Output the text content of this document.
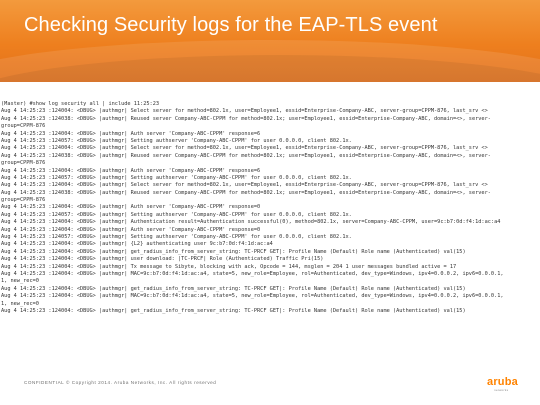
Checking Security logs for the EAP-TLS event
(Master) #show log security all | include 11:25:23
Aug 4 14:25:23 :124004: <DBUG> |authmgr| Select server for method=802.1x, user=Employee1, essid=Enterprise-Company-ABC, server-group=CPPM-876, last_srv <>
Aug 4 14:25:23 :124038: <DBUG> |authmgr| Reused server Company-ABC-CPPM for method=802.1x; user=Employee1, essid=Enterprise-Company-ABC, domain=<>, server-
group=CPPM-876
Aug 4 14:25:23 :124004: <DBUG> |authmgr| Auth server 'Company-ABC-CPPM' response=6
Aug 4 14:25:23 :124057: <DBUG> |authmgr| Setting authserver 'Company-ABC-CPPM' for user 0.0.0.0, client 802.1x.
Aug 4 14:25:23 :124004: <DBUG> |authmgr| Select server for method=802.1x, user=Employee1, essid=Enterprise-Company-ABC, server-group=CPPM-876, last_srv <>
Aug 4 14:25:23 :124038: <DBUG> |authmgr| Reused server Company-ABC-CPPM for method=802.1x; user=Employee1, essid=Enterprise-Company-ABC, domain=<>, server-
group=CPPM-876
Aug 4 14:25:23 :124004: <DBUG> |authmgr| Auth server 'Company-ABC-CPPM' response=6
Aug 4 14:25:23 :124057: <DBUG> |authmgr| Setting authserver 'Company-ABC-CPPM' for user 0.0.0.0, client 802.1x.
Aug 4 14:25:23 :124004: <DBUG> |authmgr| Select server for method=802.1x, user=Employee1, essid=Enterprise-Company-ABC, server-group=CPPM-876, last_srv <>
Aug 4 14:25:23 :124038: <DBUG> |authmgr| Reused server Company-ABC-CPPM for method=802.1x; user=Employee1, essid=Enterprise-Company-ABC, domain=<>, server-
group=CPPM-876
Aug 4 14:25:23 :124004: <DBUG> |authmgr| Auth server 'Company-ABC-CPPM' response=0
Aug 4 14:25:23 :124057: <DBUG> |authmgr| Setting authserver 'Company-ABC-CPPM' for user 0.0.0.0, client 802.1x.
Aug 4 14:25:23 :124004: <DBUG> |authmgr| Authentication result=Authentication successful(0), method=802.1x, server=Company-ABC-CPPM, user=9c:b7:0d:f4:1d:ac:a4
Aug 4 14:25:23 :124004: <DBUG> |authmgr| Auth server 'Company-ABC-CPPM' response=0
Aug 4 14:25:23 :124057: <DBUG> |authmgr| Setting authserver 'Company-ABC-CPPM' for user 0.0.0.0, client 802.1x.
Aug 4 14:25:23 :124004: <DBUG> |authmgr| {L2} authenticating user 9c:b7:0d:f4:1d:ac:a4
Aug 4 14:25:23 :124004: <DBUG> |authmgr| get_radius_info_from_server_string: TC-PRCF GET|: Profile Name (Default) Role name (Authenticated) val(15)
Aug 4 14:25:23 :124004: <DBUG> |authmgr| user download: |TC-PRCF| Role (Authenticated) Traffic Pri(15)
Aug 4 14:25:23 :124004: <DBUG> |authmgr| Tx message to Sibyte, blocking with ack, Opcode = 144, msglen = 204 1 user messages bundled active = 17
Aug 4 14:25:23 :124004: <DBUG> |authmgr| MAC=9c:b7:0d:f4:1d:ac:a4, state=5, new_role=Employee, rol=Authenticated, dev_type=Windows, ipv4=0.0.0.2, ipv6=0.0.0.1,
1, new_rec=0
Aug 4 14:25:23 :124004: <DBUG> |authmgr| get_radius_info_from_server_string: TC-PRCF GET|: Profile Name (Default) Role name (Authenticated) val(15)
Aug 4 14:25:23 :124004: <DBUG> |authmgr| MAC=9c:b7:0d:f4:1d:ac:a4, state=5, new_role=Employee, rol=Authenticated, dev_type=Windows, ipv4=0.0.0.2, ipv6=0.0.0.1,
1, new_rec=0
Aug 4 14:25:23 :124004: <DBUG> |authmgr| get_radius_info_from_server_string: TC-PRCF GET|: Profile Name (Default) Role name (Authenticated) val(15)
CONFIDENTIAL © Copyright 2014. Aruba Networks, Inc. All rights reserved	aruba
networks
